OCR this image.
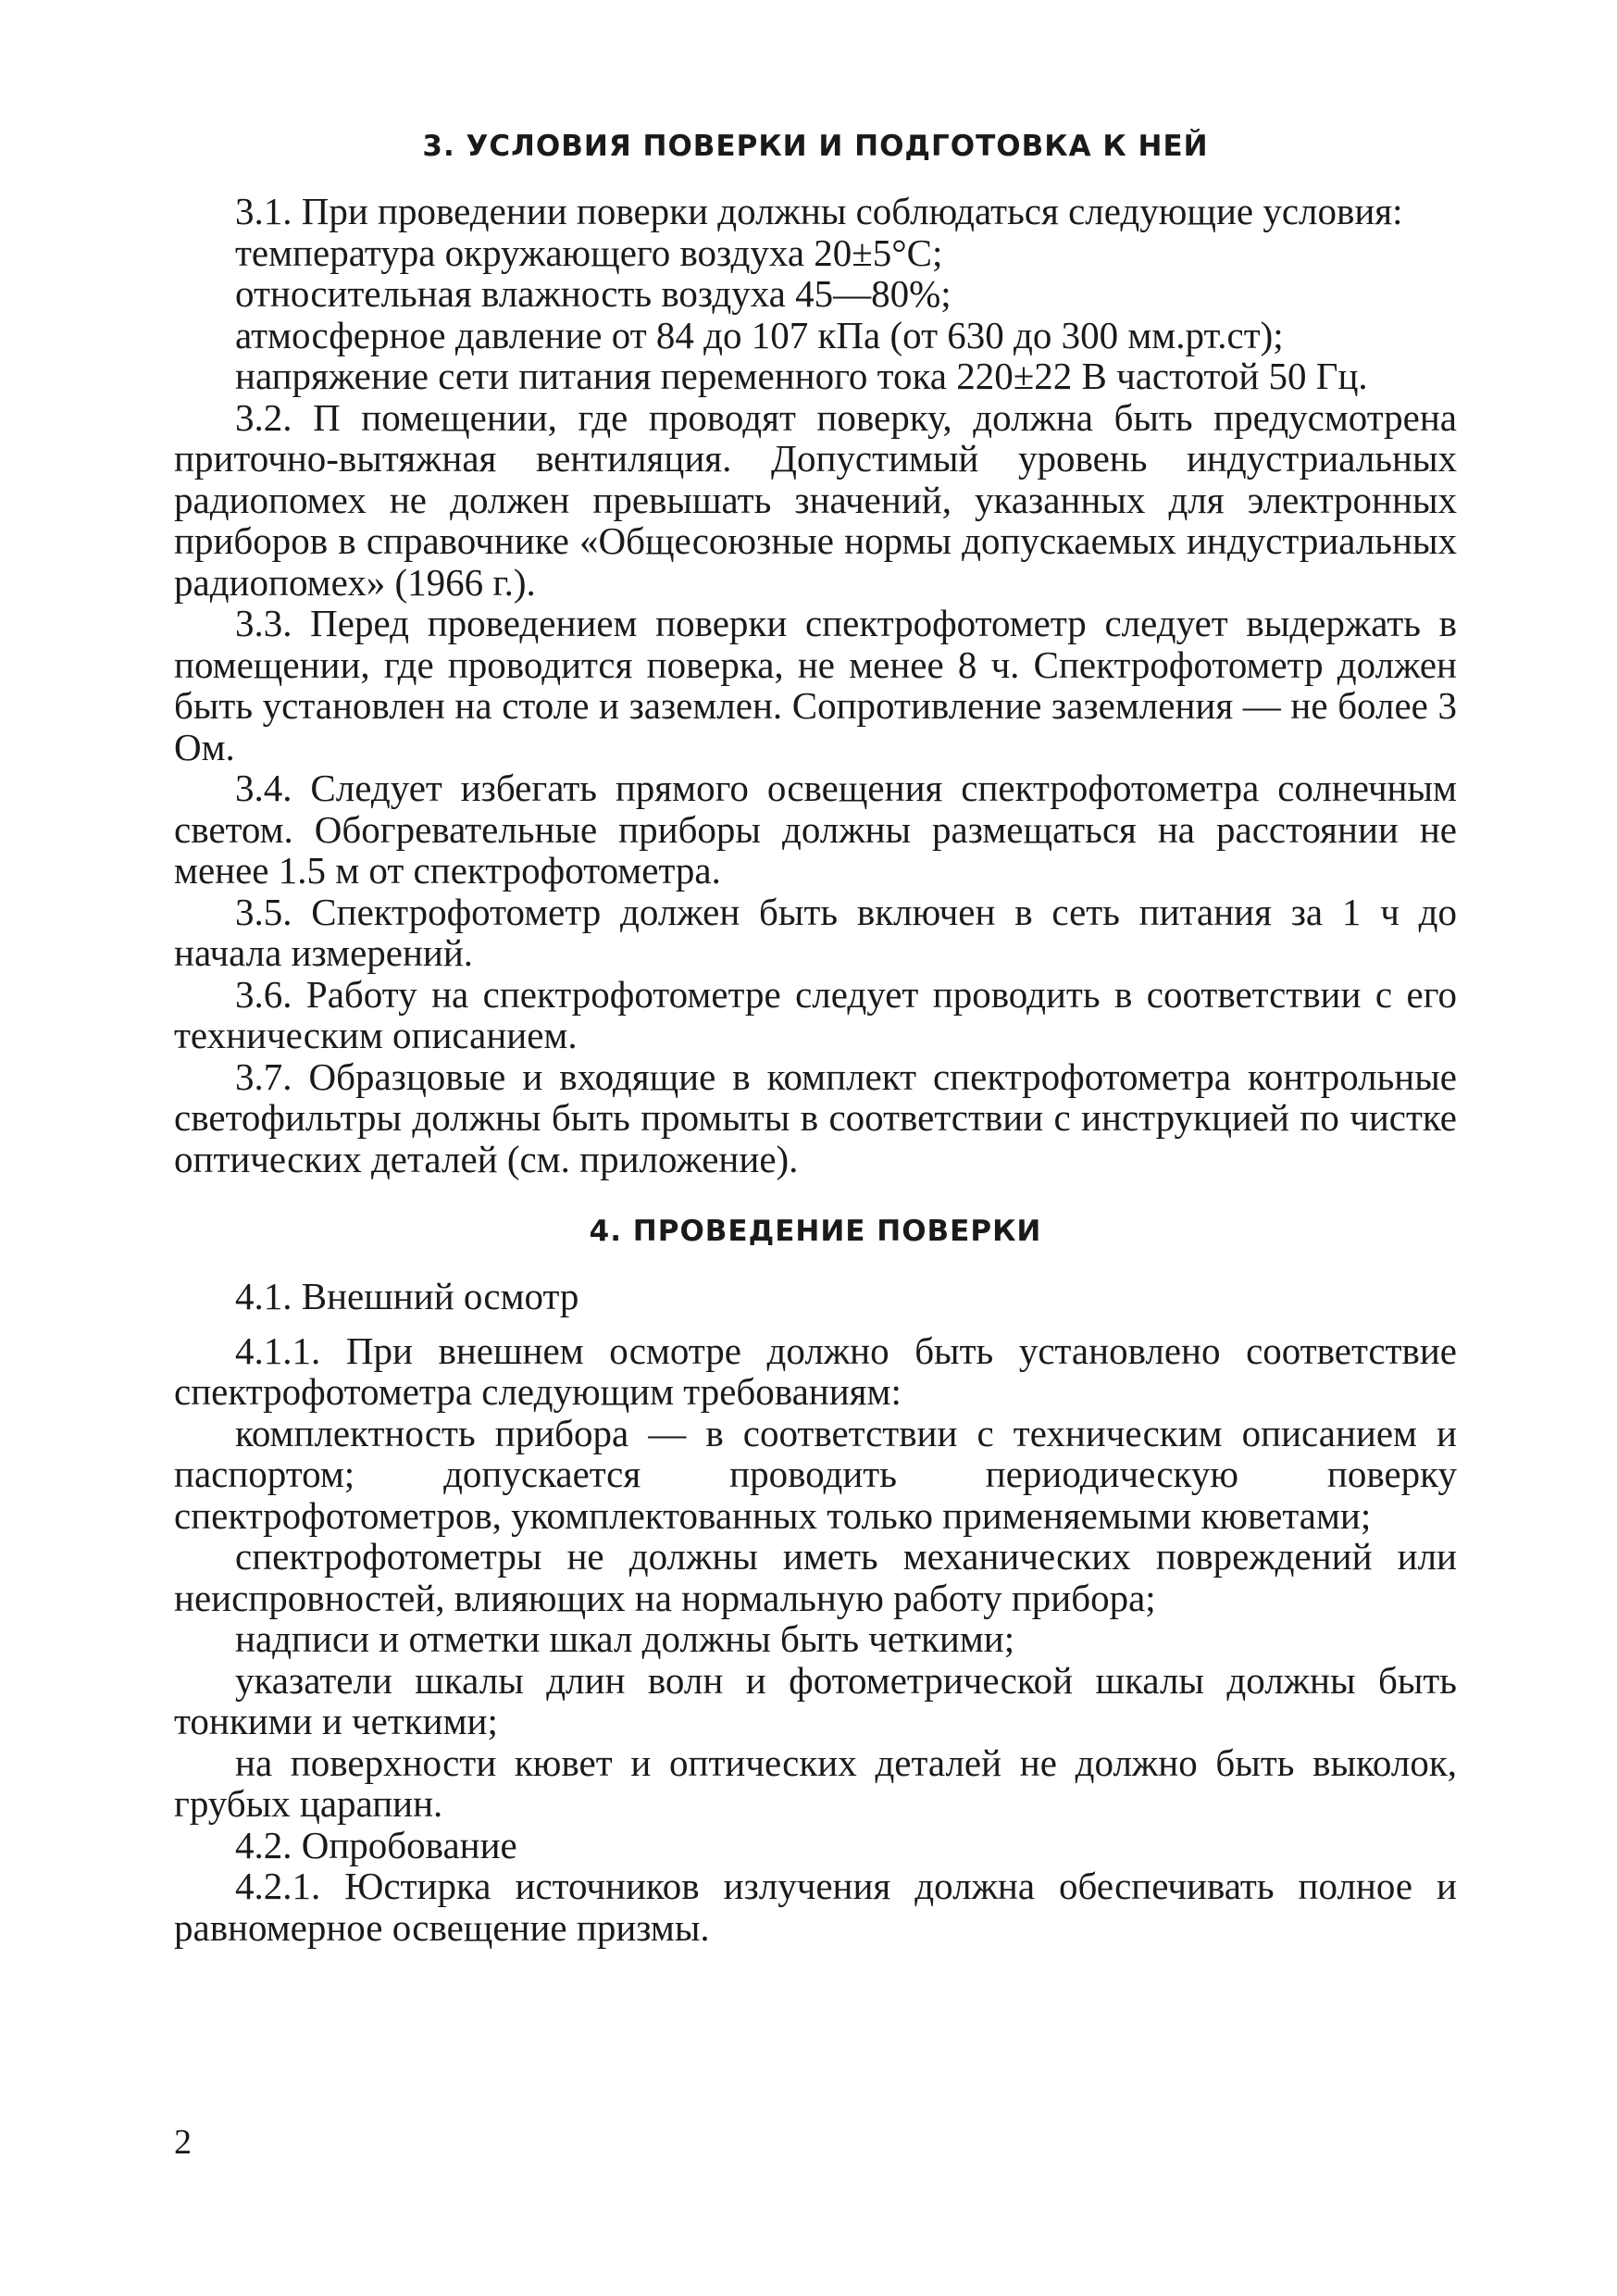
3. УСЛОВИЯ ПОВЕРКИ И ПОДГОТОВКА К НЕЙ

3.1. При проведении поверки должны соблюдаться следующие условия:

температура окружающего воздуха 20±5°С;

относительная влажность воздуха 45—80%;

атмосферное давление от 84 до 107 кПа (от 630 до 300 мм.рт.ст);

напряжение сети питания переменного тока 220±22 В частотой 50 Гц.

3.2. П помещении, где проводят поверку, должна быть предусмотрена приточно-вытяжная вентиляция. Допустимый уровень индустриальных радиопомех не должен превышать значений, указанных для электронных приборов в справочнике «Общесоюзные нормы допускаемых индустриальных радиопомех» (1966 г.).

3.3. Перед проведением поверки спектрофотометр следует выдержать в помещении, где проводится поверка, не менее 8 ч. Спектрофотометр должен быть установлен на столе и заземлен. Сопротивление заземления — не более 3 Ом.

3.4. Следует избегать прямого освещения спектрофотометра солнечным светом. Обогревательные приборы должны размещаться на расстоянии не менее 1.5 м от спектрофотометра.

3.5. Спектрофотометр должен быть включен в сеть питания за 1 ч до начала измерений.

3.6. Работу на спектрофотометре следует проводить в соответствии с его техническим описанием.

3.7. Образцовые и входящие в комплект спектрофотометра контрольные светофильтры должны быть промыты в соответствии с инструкцией по чистке оптических деталей (см. приложение).

4. ПРОВЕДЕНИЕ ПОВЕРКИ

4.1. Внешний осмотр

4.1.1. При внешнем осмотре должно быть установлено соответствие спектрофотометра следующим требованиям:

комплектность прибора — в соответствии с техническим описанием и паспортом; допускается проводить периодическую поверку спектрофотометров, укомплектованных только применяемыми кюветами;

спектрофотометры не должны иметь механических повреждений или неиспровностей, влияющих на нормальную работу прибора;

надписи и отметки шкал должны быть четкими;

указатели шкалы длин волн и фотометрической шкалы должны быть тонкими и четкими;

на поверхности кювет и оптических деталей не должно быть выколок, грубых царапин.

4.2. Опробование

4.2.1. Юстирка источников излучения должна обеспечивать полное и равномерное освещение призмы.

2
